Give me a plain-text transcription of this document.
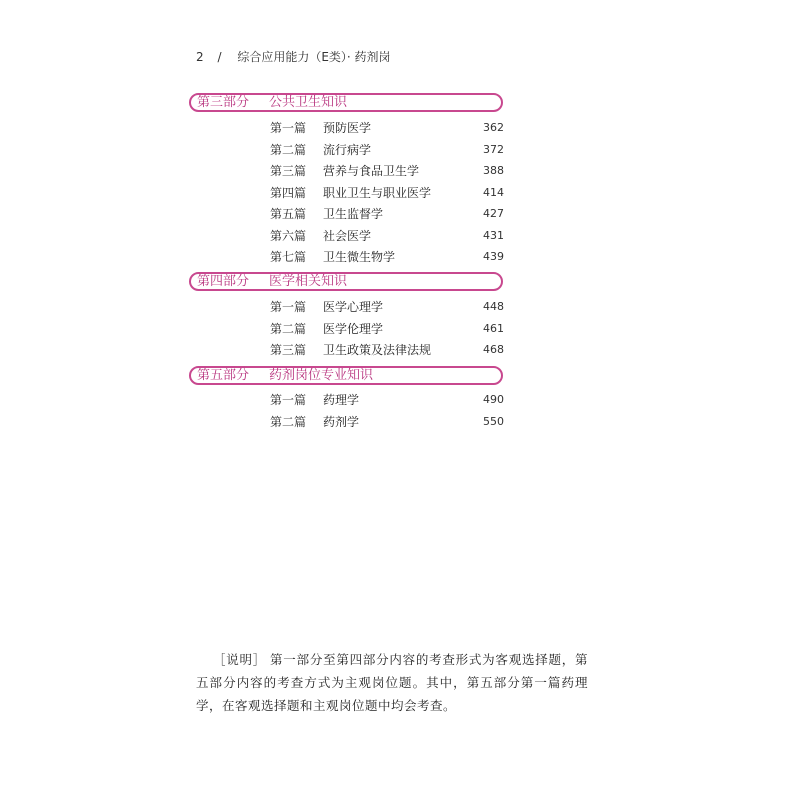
2 / 综合应用能力（E类）· 药剂岗
第三部分 公共卫生知识
第一篇 预防医学	362
第二篇 流行病学	372
第三篇 营养与食品卫生学	388
第四篇 职业卫生与职业医学	414
第五篇 卫生监督学	427
第六篇 社会医学	431
第七篇 卫生微生物学	439
第四部分 医学相关知识
第一篇 医学心理学	448
第二篇 医学伦理学	461
第三篇 卫生政策及法律法规	468
第五部分 药剂岗位专业知识
第一篇 药理学	490
第二篇 药剂学	550
［说明］ 第一部分至第四部分内容的考查形式为客观选择题，第五部分内容的考查方式为主观岗位题。其中，第五部分第一篇药理学，在客观选择题和主观岗位题中均会考查。
